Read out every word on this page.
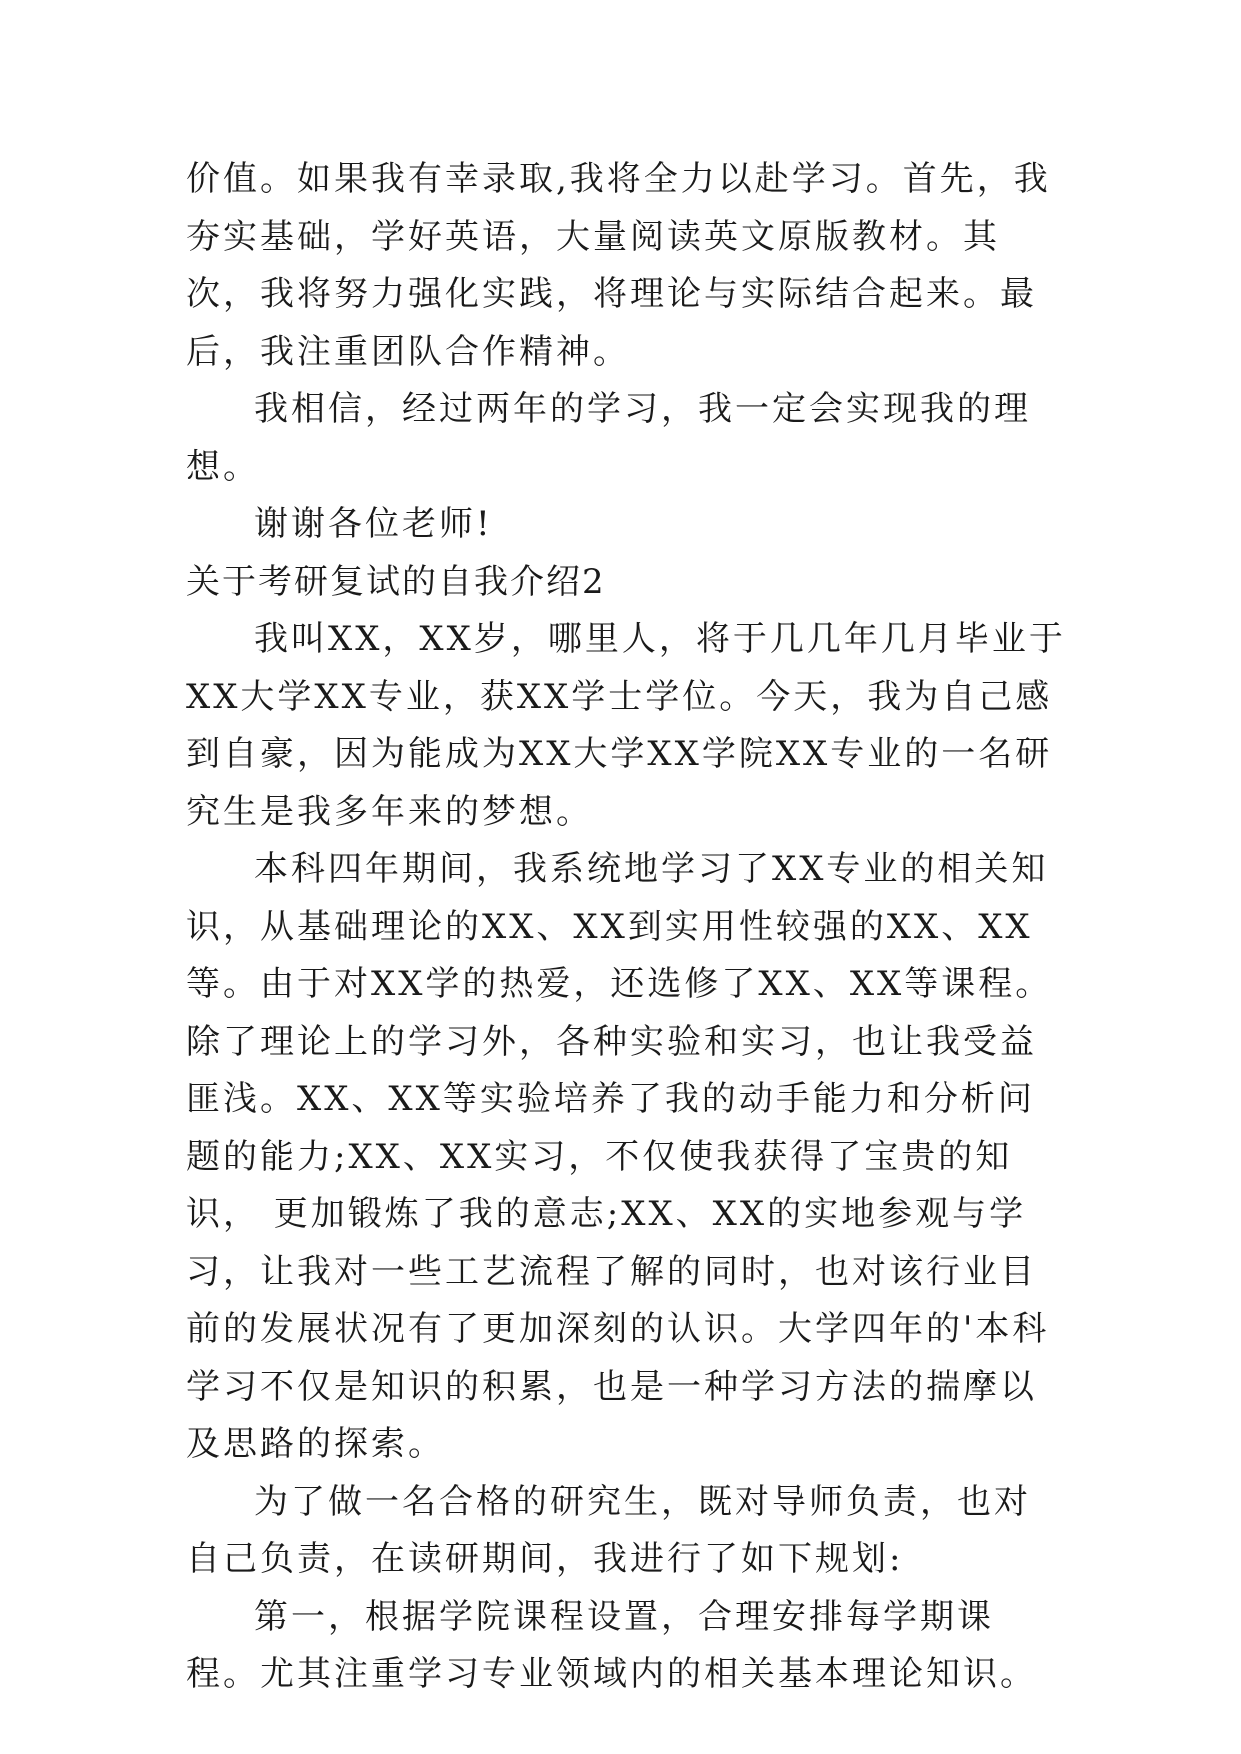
价值。如果我有幸录取,我将全力以赴学习。首先，我夯实基础，学好英语，大量阅读英文原版教材。其次，我将努力强化实践，将理论与实际结合起来。最后，我注重团队合作精神。

我相信，经过两年的学习，我一定会实现我的理想。

谢谢各位老师!

关于考研复试的自我介绍2

我叫XX，XX岁，哪里人，将于几几年几月毕业于XX大学XX专业，获XX学士学位。今天，我为自己感到自豪，因为能成为XX大学XX学院XX专业的一名研究生是我多年来的梦想。

本科四年期间，我系统地学习了XX专业的相关知识，从基础理论的XX、XX到实用性较强的XX、XX等。由于对XX学的热爱，还选修了XX、XX等课程。除了理论上的学习外，各种实验和实习，也让我受益匪浅。XX、XX等实验培养了我的动手能力和分析问题的能力;XX、XX实习，不仅使我获得了宝贵的知识， 更加锻炼了我的意志;XX、XX的实地参观与学习，让我对一些工艺流程了解的同时，也对该行业目前的发展状况有了更加深刻的认识。大学四年的'本科学习不仅是知识的积累，也是一种学习方法的揣摩以及思路的探索。

为了做一名合格的研究生，既对导师负责，也对自己负责，在读研期间，我进行了如下规划:

第一，根据学院课程设置，合理安排每学期课程。尤其注重学习专业领域内的相关基本理论知识。
